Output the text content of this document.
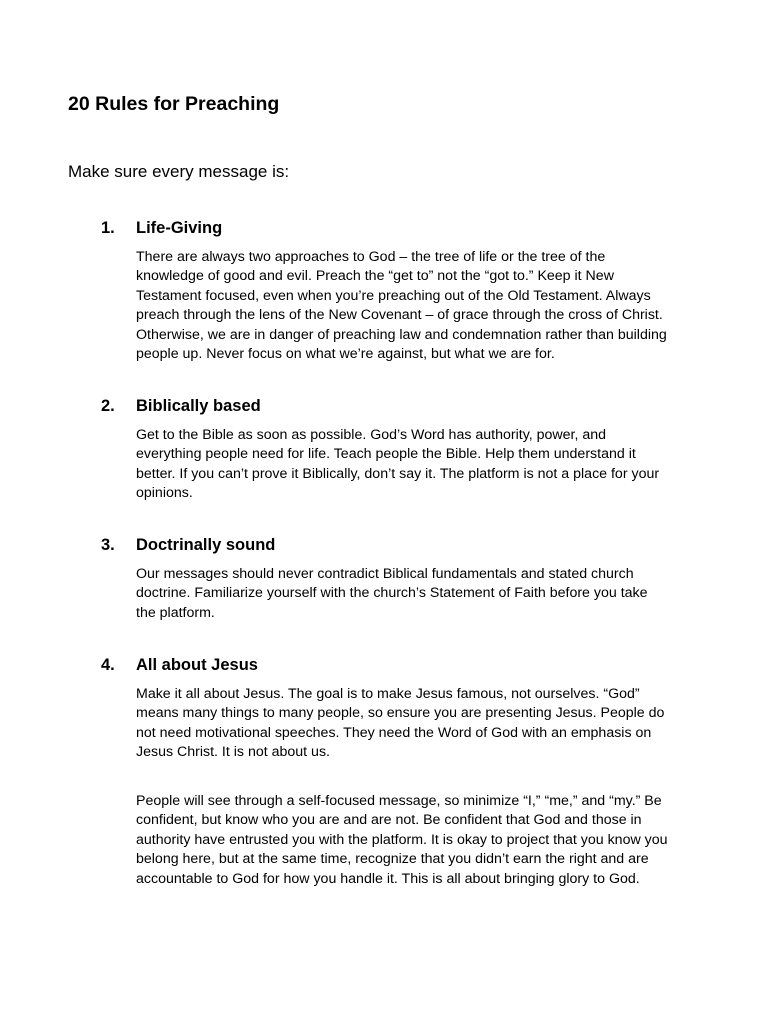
20 Rules for Preaching

Make sure every message is:

1. Life-Giving

There are always two approaches to God – the tree of life or the tree of the
knowledge of good and evil. Preach the “get to” not the “got to.” Keep it New
Testament focused, even when you’re preaching out of the Old Testament. Always
preach through the lens of the New Covenant – of grace through the cross of Christ.
Otherwise, we are in danger of preaching law and condemnation rather than building
people up. Never focus on what we’re against, but what we are for.

2. Biblically based

Get to the Bible as soon as possible. God’s Word has authority, power, and
everything people need for life. Teach people the Bible. Help them understand it
better. If you can’t prove it Biblically, don’t say it. The platform is not a place for your
opinions.

3. Doctrinally sound

Our messages should never contradict Biblical fundamentals and stated church
doctrine. Familiarize yourself with the church’s Statement of Faith before you take
the platform.

4. All about Jesus

Make it all about Jesus. The goal is to make Jesus famous, not ourselves. “God”
means many things to many people, so ensure you are presenting Jesus. People do
not need motivational speeches. They need the Word of God with an emphasis on
Jesus Christ. It is not about us.

People will see through a self-focused message, so minimize “I,” “me,” and “my.” Be
confident, but know who you are and are not. Be confident that God and those in
authority have entrusted you with the platform. It is okay to project that you know you
belong here, but at the same time, recognize that you didn’t earn the right and are
accountable to God for how you handle it. This is all about bringing glory to God.
